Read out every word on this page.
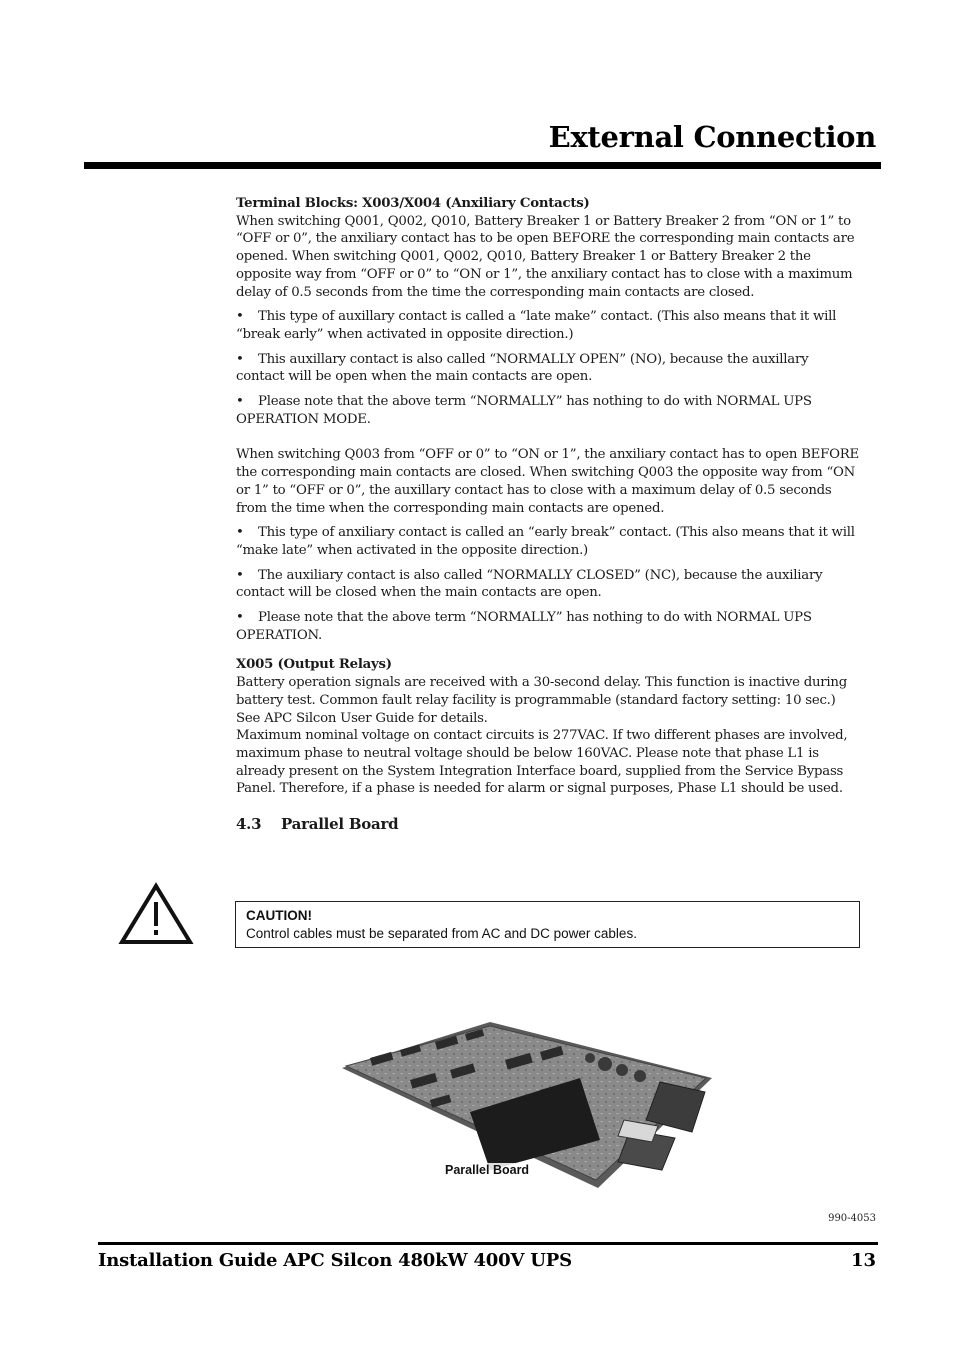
External Connection

Terminal Blocks: X003/X004 (Anxiliary Contacts)

When switching Q001, Q002, Q010, Battery Breaker 1 or Battery Breaker 2 from “ON or 1” to “OFF or 0”, the anxiliary contact has to be open BEFORE the corresponding main contacts are opened. When switching Q001, Q002, Q010, Battery Breaker 1 or Battery Breaker 2 the opposite way from “OFF or 0” to “ON or 1”, the anxiliary contact has to close with a maximum delay of 0.5 seconds from the time the corresponding main contacts are closed.

• This type of auxillary contact is called a “late make” contact. (This also means that it will “break early” when activated in opposite direction.)

• This auxillary contact is also called “NORMALLY OPEN” (NO), because the auxillary contact will be open when the main contacts are open.

• Please note that the above term “NORMALLY” has nothing to do with NORMAL UPS OPERATION MODE.

When switching Q003 from “OFF or 0” to “ON or 1”, the anxiliary contact has to open BEFORE the corresponding main contacts are closed. When switching Q003 the opposite way from “ON or 1” to “OFF or 0”, the auxillary contact has to close with a maximum delay of 0.5 seconds from the time when the corresponding main contacts are opened.

• This type of anxiliary contact is called an “early break” contact. (This also means that it will “make late” when activated in the opposite direction.)

• The auxiliary contact is also called “NORMALLY CLOSED” (NC), because the auxiliary contact will be closed when the main contacts are open.

• Please note that the above term “NORMALLY” has nothing to do with NORMAL UPS OPERATION.

X005 (Output Relays)

Battery operation signals are received with a 30-second delay. This function is inactive during battery test. Common fault relay facility is programmable (standard factory setting: 10 sec.) See APC Silcon User Guide for details.

Maximum nominal voltage on contact circuits is 277VAC. If two different phases are involved, maximum phase to neutral voltage should be below 160VAC. Please note that phase L1 is already present on the System Integration Interface board, supplied from the Service Bypass Panel. Therefore, if a phase is needed for alarm or signal purposes, Phase L1 should be used.

4.3 Parallel Board

CAUTION!
Control cables must be separated from AC and DC power cables.
Parallel Board
990-4053
Installation Guide APC Silcon 480kW 400V UPS	13
